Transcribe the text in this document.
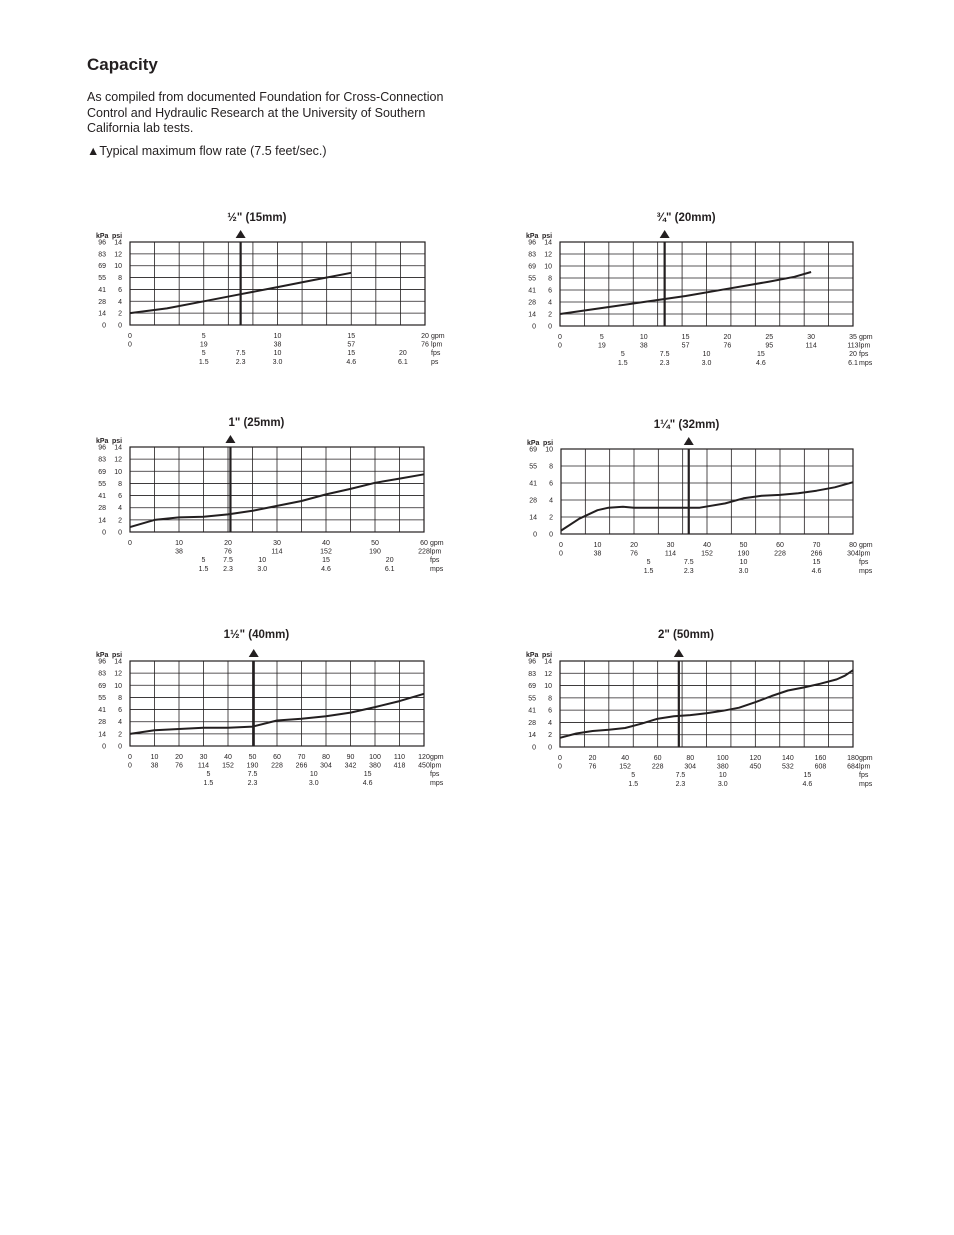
Capacity
As compiled from documented Foundation for Cross-Connection Control and Hydraulic Research at the University of Southern California lab tests.
▲Typical maximum flow rate (7.5 feet/sec.)
½" (15mm)
kPa psi
0 0
14 2
28 4
41 6
55 8
69 10
83 12
96 14
0	5	10	15	20 gpm
0	19	38	57	76 lpm
5	7.5	10	15	20	fps
1.5	2.3	3.0	4.6	6.1	ps
¾" (20mm)
kPa psi
0 0
14 2
28 4
41 6
55 8
69 10
83 12
96 14
0	5	10	15	20	25	30	35 gpm
0	19	38	57	76	95	114	113 lpm
5	7.5	10	15	20 fps
1.5	2.3	3.0	4.6	6.1 mps
1" (25mm)
kPa psi
0 0
14 2
28 4
41 6
55 8
69 10
83 12
96 14
0	10	20	30	40	50	60 gpm
38	76	114	152	190	228 lpm
5	7.5	10	15	20	fps
1.5 2.3	3.0	4.6	6.1	mps
1¼" (32mm)
kPa psi
0 0
14 2
28 4
41 6
55 8
69 10
0	10	20	30	40	50	60	70	80 gpm
0	38	76	114	152	190	228	266	304 lpm
5	7.5	10	15	fps
1.5	2.3	3.0	4.6	mps
1½" (40mm)
kPa psi
0 0
14 2
28 4
41 6
55 8
69 10
83 12
96 14
0	10 20 30 40 50 60 70 80 90 100 110 120 gpm
0	38 76 114 152 190 228 266 304 342 380 418 450 lpm
5	7.5	10	15	fps
1.5	2.3	3.0	4.6	mps
2" (50mm)
kPa psi
0 0
14 2
28 4
41 6
55 8
69 10
83 12
96 14
0	20	40	60	80	100	120	140	160	180 gpm
0	76	152	228	304	380	450	532	608	684 lpm
5	7.5	10	15	fps
1.5	2.3	3.0	4.6	mps
